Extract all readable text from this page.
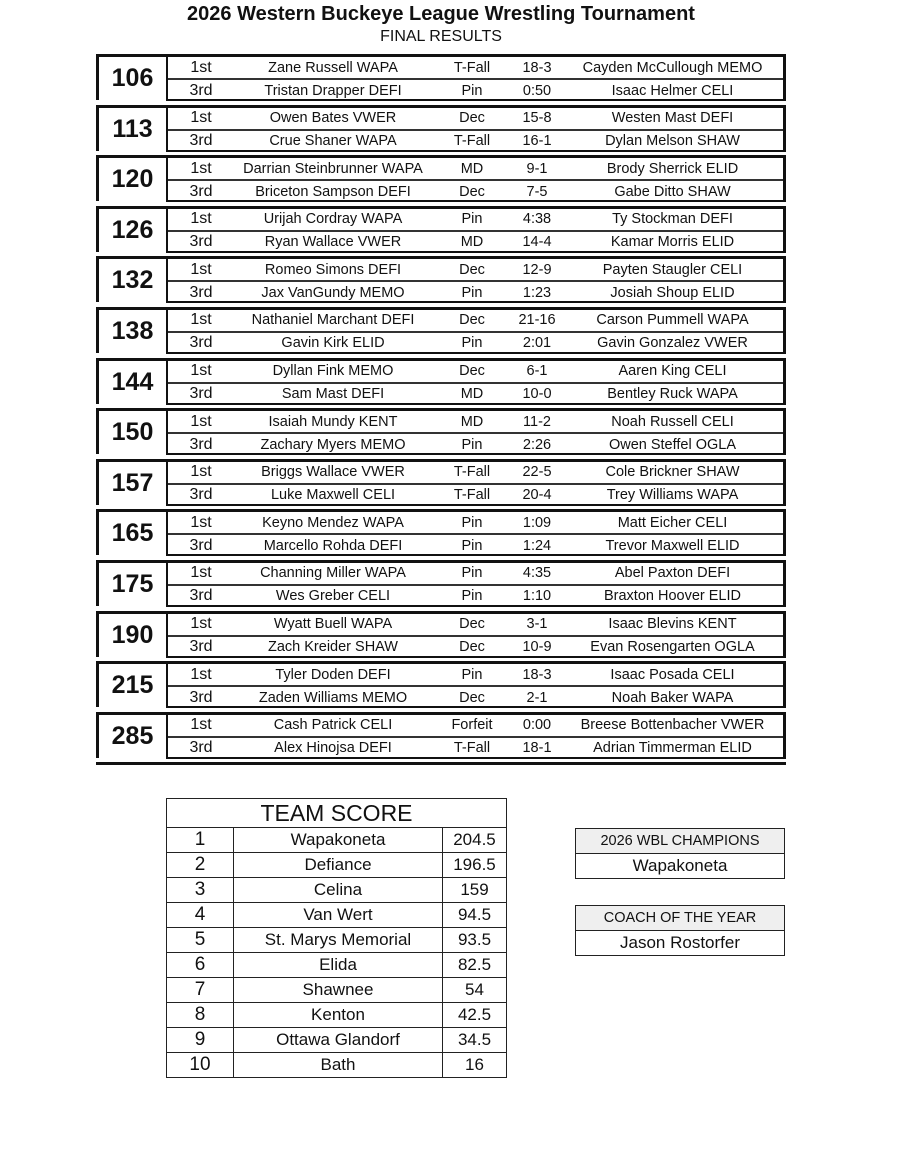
2026 Western Buckeye League Wrestling Tournament
FINAL RESULTS
106	1st	Zane Russell WAPA	T-Fall	18-3	Cayden McCullough MEMO
3rd	Tristan Drapper DEFI	Pin	0:50	Isaac Helmer CELI
113	1st	Owen Bates VWER	Dec	15-8	Westen Mast DEFI
3rd	Crue Shaner WAPA	T-Fall	16-1	Dylan Melson SHAW
120	1st	Darrian Steinbrunner WAPA	MD	9-1	Brody Sherrick ELID
3rd	Briceton Sampson DEFI	Dec	7-5	Gabe Ditto SHAW
126	1st	Urijah Cordray WAPA	Pin	4:38	Ty Stockman DEFI
3rd	Ryan Wallace VWER	MD	14-4	Kamar Morris ELID
132	1st	Romeo Simons DEFI	Dec	12-9	Payten Staugler CELI
3rd	Jax VanGundy MEMO	Pin	1:23	Josiah Shoup ELID
138	1st	Nathaniel Marchant DEFI	Dec	21-16	Carson Pummell WAPA
3rd	Gavin Kirk ELID	Pin	2:01	Gavin Gonzalez VWER
144	1st	Dyllan Fink MEMO	Dec	6-1	Aaren King CELI
3rd	Sam Mast DEFI	MD	10-0	Bentley Ruck WAPA
150	1st	Isaiah Mundy KENT	MD	11-2	Noah Russell CELI
3rd	Zachary Myers MEMO	Pin	2:26	Owen Steffel OGLA
157	1st	Briggs Wallace VWER	T-Fall	22-5	Cole Brickner SHAW
3rd	Luke Maxwell CELI	T-Fall	20-4	Trey Williams WAPA
165	1st	Keyno Mendez WAPA	Pin	1:09	Matt Eicher CELI
3rd	Marcello Rohda DEFI	Pin	1:24	Trevor Maxwell ELID
175	1st	Channing Miller WAPA	Pin	4:35	Abel Paxton DEFI
3rd	Wes Greber CELI	Pin	1:10	Braxton Hoover ELID
190	1st	Wyatt Buell WAPA	Dec	3-1	Isaac Blevins KENT
3rd	Zach Kreider SHAW	Dec	10-9	Evan Rosengarten OGLA
215	1st	Tyler Doden DEFI	Pin	18-3	Isaac Posada CELI
3rd	Zaden Williams MEMO	Dec	2-1	Noah Baker WAPA
285	1st	Cash Patrick CELI	Forfeit	0:00	Breese Bottenbacher VWER
3rd	Alex Hinojsa DEFI	T-Fall	18-1	Adrian Timmerman ELID
TEAM SCORE		
1	Wapakoneta	204.5
2	Defiance	196.5
3	Celina	159
4	Van Wert	94.5
5	St. Marys Memorial	93.5
6	Elida	82.5
7	Shawnee	54
8	Kenton	42.5
9	Ottawa Glandorf	34.5
10	Bath	16
2026 WBL CHAMPIONS
Wapakoneta
COACH OF THE YEAR
Jason Rostorfer
